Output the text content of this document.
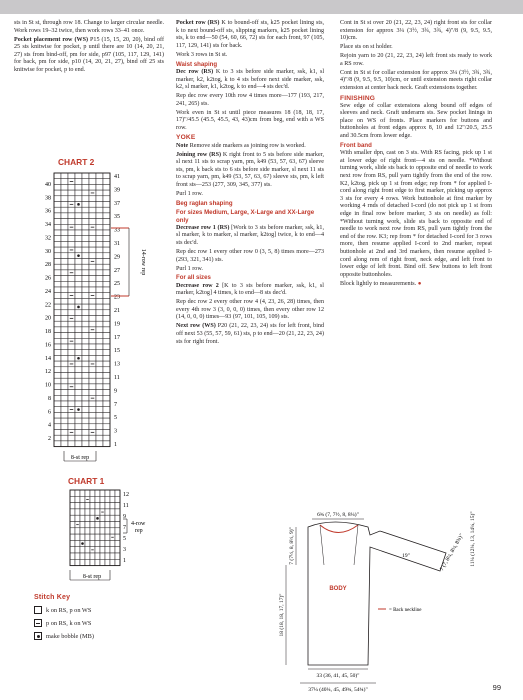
sts in St st, through row 18. Change to larger circular needle. Work rows 19–32 twice, then work rows 33–41 once.

Pocket placement row (WS) P15 (15, 15, 20, 20), bind off 25 sts knitwise for pocket, p until there are 10 (14, 20, 21, 27) sts from bind-off, pm for side, p97 (105, 117, 129, 141) for back, pm for side, p10 (14, 20, 21, 27), bind off 25 sts knitwise for pocket, p to end.

CHART 2
41
39
37
35
33
31
29
27
25
23
21
19
17
15
13
11
9
7
5
3
1
40
38
36
34
32
30
28
26
24
22
20
18
16
14
12
10
8
6
4
2
14-row rep
8-st rep
CHART 1
12
11
9
7
5
3
1
4-row
rep
8-st rep
Stitch Key
k on RS, p on WS
p on RS, k on WS
make bobble (MB)

Pocket row (RS) K to bound-off sts, k25 pocket lining sts, k to next bound-off sts, slipping markers, k25 pocket lining sts, k to end—50 (54, 60, 66, 72) sts for each front, 97 (105, 117, 129, 141) sts for back.

Work 3 rows in St st.

Waist shaping

Dec row (RS) K to 3 sts before side marker, ssk, k1, sl marker, k2, k2tog, k to 4 sts before next side marker, ssk, k2, sl marker, k1, k2tog, k to end—4 sts dec'd.

Rep dec row every 10th row 4 times more—177 (193, 217, 241, 265) sts.

Work even in St st until piece measures 18 (18, 18, 17, 17)"/45.5 (45.5, 45.5, 43, 43)cm from beg, end with a WS row.

YOKE

Note Remove side markers as joining row is worked.

Joining row (RS) K right front to 5 sts before side marker, sl next 11 sts to scrap yarn, pm, k49 (53, 57, 63, 67) sleeve sts, pm, k back sts to 6 sts before side marker, sl next 11 sts to scrap yarn, pm, k49 (53, 57, 63, 67) sleeve sts, pm, k left front sts—253 (277, 309, 345, 377) sts.

Purl 1 row.

Beg raglan shaping
For sizes Medium, Large, X-Large and XX-Large only

Decrease row 1 (RS) [Work to 3 sts before marker, ssk, k1, sl marker, k to marker, sl marker, k2tog] twice, k to end—4 sts dec'd.

Rep dec row 1 every other row 0 (3, 5, 8) times more—273 (293, 321, 341) sts.

Purl 1 row.

For all sizes

Decrease row 2 [K to 3 sts before marker, ssk, k1, sl marker, k2tog] 4 times, k to end—8 sts dec'd.

Rep dec row 2 every other row 4 (4, 23, 26, 28) times, then every 4th row 3 (3, 0, 0, 0) times, then every other row 12 (14, 0, 0, 0) times—93 (97, 101, 105, 109) sts.

Next row (WS) P20 (21, 22, 23, 24) sts for left front, bind off next 53 (55, 57, 59, 61) sts, p to end—20 (21, 22, 23, 24) sts for right front.

Cont in St st over 20 (21, 22, 23, 24) right front sts for collar extension for approx 3¼ (3½, 3¾, 3¾, 4)"/8 (9, 9.5, 9.5, 10)cm.

Place sts on st holder.

Rejoin yarn to 20 (21, 22, 23, 24) left front sts ready to work a RS row.

Cont in St st for collar extension for approx 3¼ (3½, 3¾, 3¾, 4)"/8 (9, 9.5, 9.5, 10)cm, or until extension meets right collar extension at center back neck. Graft extensions together.

FINISHING

Sew edge of collar extensions along bound off edges of sleeves and neck. Graft underarm sts. Sew pocket linings in place on WS of fronts. Place markers for buttons and buttonholes at front edges approx 8, 10 and 12"/20.5, 25.5 and 30.5cm from lower edge.

Front band

With smaller dpn, cast on 3 sts. With RS facing, pick up 1 st at lower edge of right front—4 sts on needle. *Without turning work, slide sts back to opposite end of needle to work next row from RS, pull yarn tightly from the end of the row. K2, k2tog, pick up 1 st from edge; rep from * for applied I-cord along right front edge to first marker, picking up approx 3 sts for every 4 rows. Work buttonhole at first marker by working 4 rnds of detached I-cord (do not pick up 1 st from edge in final row before marker, 3 sts on needle) as foll: *Without turning work, slide sts back to opposite end of needle to work next row from RS, pull yarn tightly from the end of the row. K3; rep from * for detached I-cord for 3 rows more, then resume applied I-cord to 2nd marker, repeat buttonhole at 2nd and 3rd markers, then resume applied I-cord along rem of right front, neck edge, and left front to lower edge of left front. Bind off. Sew buttons to left front opposite buttonholes.

Block lightly to measurements. ●

6¾ (7, 7½, 8, 8¼)"
7 (7½, 8, 8½, 9)"
18 (18, 18, 17, 17)"
BODY
19"	7 (7, 8¼, 8¼, 8¾)" 11¼ (12¼, 13, 14¼, 15)"
33 (36, 41, 45, 50)"
37¼ (40¼, 45, 49¾, 54¾)"
= Back neckline
99
